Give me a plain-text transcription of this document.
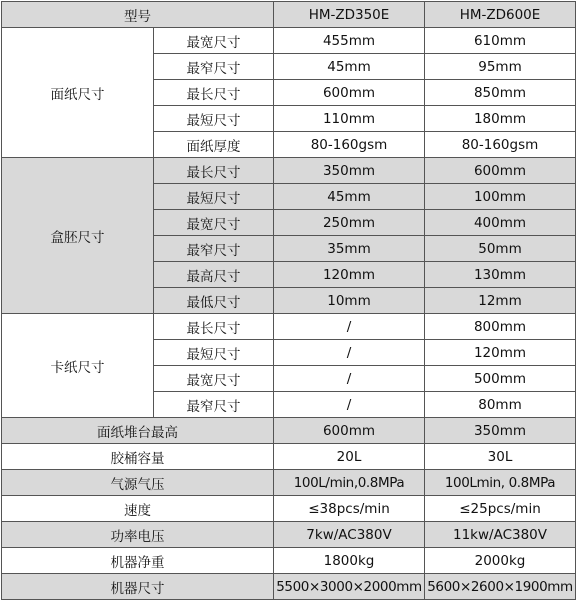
型号		HM-ZD350E	HM-ZD600E
面纸尺寸	最宽尺寸	455mm	610mm
	最窄尺寸	45mm	95mm
	最长尺寸	600mm	850mm
	最短尺寸	110mm	180mm
	面纸厚度	80-160gsm	80-160gsm
盒胚尺寸	最长尺寸	350mm	600mm
	最短尺寸	45mm	100mm
	最宽尺寸	250mm	400mm
	最窄尺寸	35mm	50mm
	最高尺寸	120mm	130mm
	最低尺寸	10mm	12mm
卡纸尺寸	最长尺寸	/	800mm
	最短尺寸	/	120mm
	最宽尺寸	/	500mm
	最窄尺寸	/	80mm
面纸堆台最高		600mm	350mm
胶桶容量		20L	30L
气源气压		100L/min,0.8MPa	100Lmin, 0.8MPa
速度		≤38pcs/min	≤25pcs/min
功率电压		7kw/AC380V	11kw/AC380V
机器净重		1800kg	2000kg
机器尺寸		5500×3000×2000mm	5600×2600×1900mm
